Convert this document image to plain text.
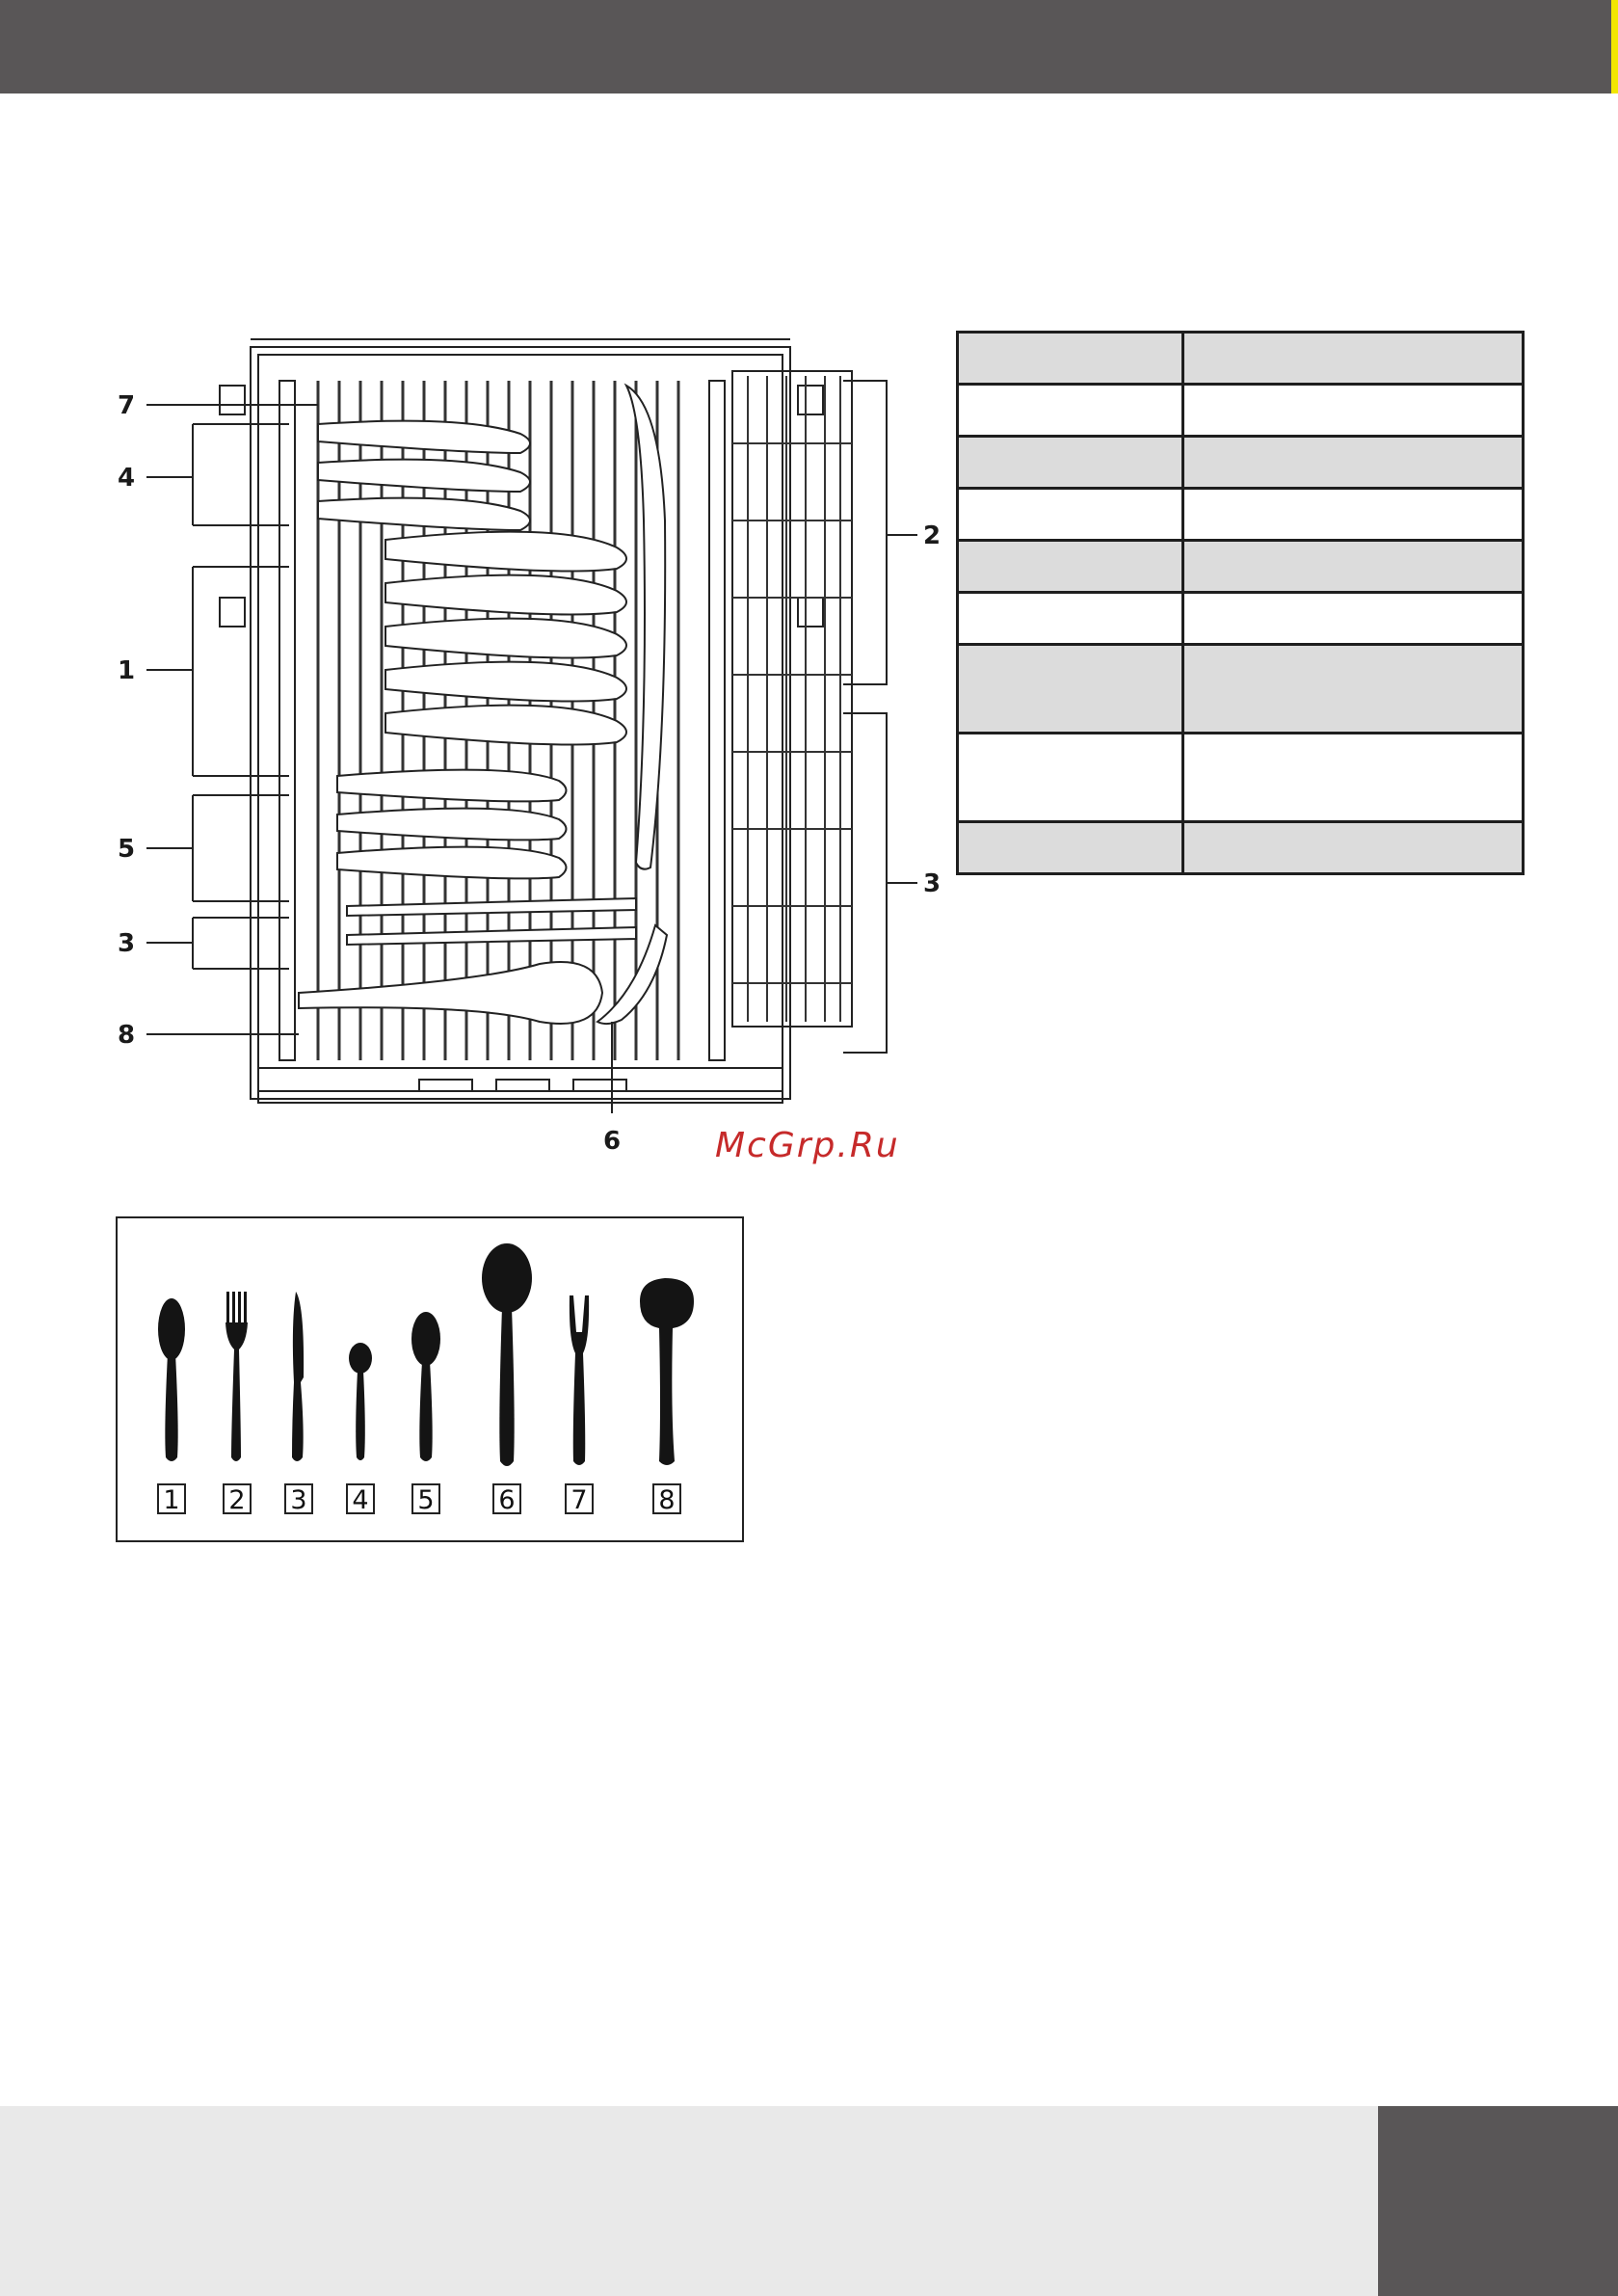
7
4
1
5
3
8
2
3
6	McGrp.Ru

1 2 3 4 5 6 7	8
